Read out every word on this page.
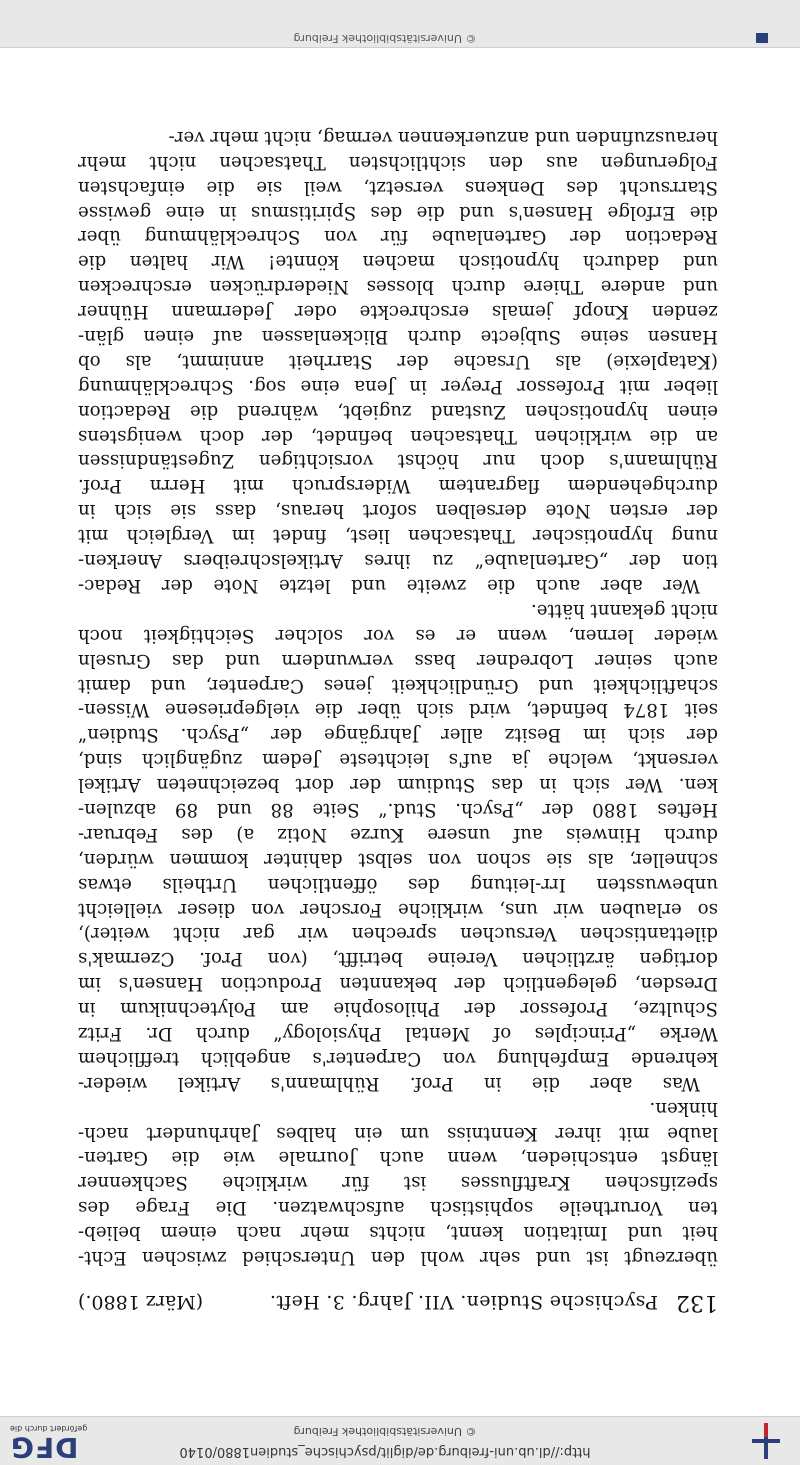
http://dl.ub.uni-freiburg.de/diglit/psychische_studien1880/0140
© Universitätsbibliothek Freiburg
DFG
gefördert durch die
132
Psychische Studien. VII. Jahrg. 3. Heft.
(März 1880.)
überzeugt ist und sehr wohl den Unterschied zwischen Echt-
heit und Imitation kennt, nichts mehr nach einem belieb-
ten Vorurtheile sophistisch aufschwatzen. Die Frage des
spezifischen Kraftflusses ist für wirkliche Sachkenner
längst entschieden, wenn auch Journale wie die Garten-
laube mit ihrer Kenntniss um ein halbes Jahrhundert nach-
hinken.
Was aber die in Prof. Rühlmann's Artikel wieder-
kehrende Empfehlung von Carpenter's angeblich trefflichem
Werke „Principles of Mental Physiology“ durch Dr. Fritz
Schultze, Professor der Philosophie am Polytechnikum in
Dresden, gelegentlich der bekannten Production Hansen's im
dortigen ärztlichen Vereine betrifft, (von Prof. Czermak's
dilettantischen Versuchen sprechen wir gar nicht weiter),
so erlauben wir uns, wirkliche Forscher von dieser vielleicht
unbewussten Irr-leitung des öffentlichen Urtheils etwas
schneller, als sie schon von selbst dahinter kommen würden,
durch Hinweis auf unsere Kurze Notiz a) des Februar-
Heftes 1880 der „Psych. Stud.“ Seite 88 und 89 abzulen-
ken. Wer sich in das Studium der dort bezeichneten Artikel
versenkt, welche ja auf's leichteste Jedem zugänglich sind,
der sich im Besitz aller Jahrgänge der „Psych. Studien“
seit 1874 befindet, wird sich über die vielgepriesene Wissen-
schaftlichkeit und Gründlichkeit jenes Carpenter, und damit
auch seiner Lobredner bass verwundern und das Gruseln
wieder lernen, wenn er es vor solcher Seichtigkeit noch
nicht gekannt hätte.
Wer aber auch die zweite und letzte Note der Redac-
tion der „Gartenlaube“ zu ihres Artikelschreibers Anerken-
nung hypnotischer Thatsachen liest, findet im Vergleich mit
der ersten Note derselben sofort heraus, dass sie sich in
durchgehendem flagrantem Widerspruch mit Herrn Prof.
Rühlmann's doch nur höchst vorsichtigen Zugeständnissen
an die wirklichen Thatsachen befindet, der doch wenigstens
einen hypnotischen Zustand zugiebt, während die Redaction
lieber mit Professor Preyer in Jena eine sog. Schrecklähmung
(Kataplexie) als Ursache der Starrheit annimmt, als ob
Hansen seine Subjecte durch Blickenlassen auf einen glän-
zenden Knopf jemals erschreckte oder Jedermann Hühner
und andere Thiere durch blosses Niederdrücken erschrecken
und dadurch hypnotisch machen könnte! Wir halten die
Redaction der Gartenlaube für von Schrecklähmung über
die Erfolge Hansen's und die des Spiritismus in eine gewisse
Starrsucht des Denkens versetzt, weil sie die einfachsten
Folgerungen aus den sichtlichsten Thatsachen nicht mehr
herauszufinden und anzuerkennen vermag, nicht mehr ver-
© Universitätsbibliothek Freiburg
